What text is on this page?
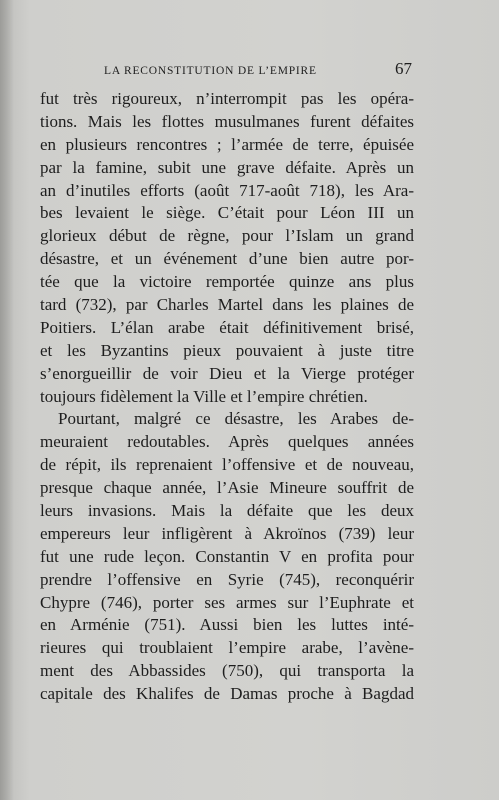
LA RECONSTITUTION DE L’EMPIRE	67
fut très rigoureux, n’interrompit pas les opéra-
tions. Mais les flottes musulmanes furent défaites
en plusieurs rencontres ; l’armée de terre, épuisée
par la famine, subit une grave défaite. Après un
an d’inutiles efforts (août 717-août 718), les Ara-
bes levaient le siège. C’était pour Léon III un
glorieux début de règne, pour l’Islam un grand
désastre, et un événement d’une bien autre por-
tée que la victoire remportée quinze ans plus
tard (732), par Charles Martel dans les plaines de
Poitiers. L’élan arabe était définitivement brisé,
et les Byzantins pieux pouvaient à juste titre
s’enorgueillir de voir Dieu et la Vierge protéger
toujours fidèlement la Ville et l’empire chrétien.
Pourtant, malgré ce désastre, les Arabes de-
meuraient redoutables. Après quelques années
de répit, ils reprenaient l’offensive et de nouveau,
presque chaque année, l’Asie Mineure souffrit de
leurs invasions. Mais la défaite que les deux
empereurs leur infligèrent à Akroïnos (739) leur
fut une rude leçon. Constantin V en profita pour
prendre l’offensive en Syrie (745), reconquérir
Chypre (746), porter ses armes sur l’Euphrate et
en Arménie (751). Aussi bien les luttes inté-
rieures qui troublaient l’empire arabe, l’avène-
ment des Abbassides (750), qui transporta la
capitale des Khalifes de Damas proche à Bagdad
